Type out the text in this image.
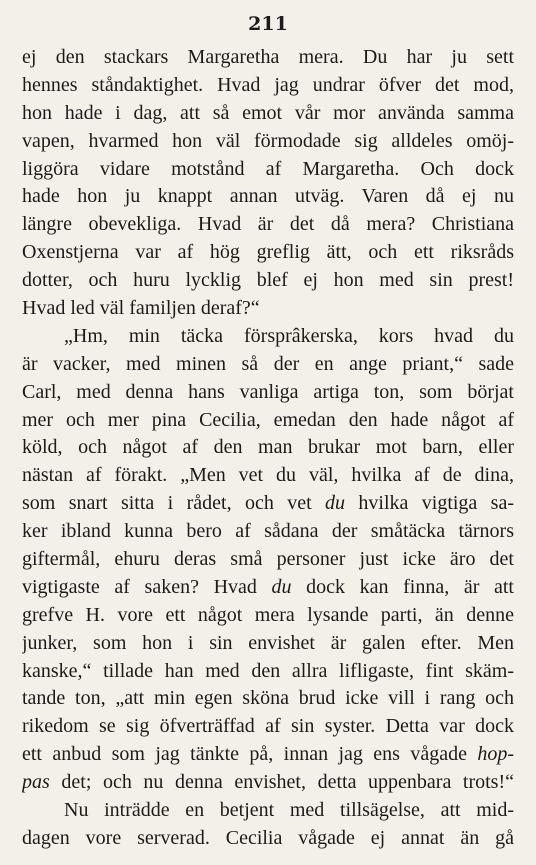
211
ej den stackars Margaretha mera. Du har ju sett
hennes ståndaktighet. Hvad jag undrar öfver det mod,
hon hade i dag, att så emot vår mor använda samma
vapen, hvarmed hon väl förmodade sig alldeles omöj-
liggöra vidare motstånd af Margaretha. Och dock
hade hon ju knappt annan utväg. Varen då ej nu
längre obevekliga. Hvad är det då mera? Christiana
Oxenstjerna var af hög greflig ätt, och ett riksråds
dotter, och huru lycklig blef ej hon med sin prest!
Hvad led väl familjen deraf?“
„Hm, min täcka försprâkerska, kors hvad du
är vacker, med minen så der en ange priant,“ sade
Carl, med denna hans vanliga artiga ton, som börjat
mer och mer pina Cecilia, emedan den hade något af
köld, och något af den man brukar mot barn, eller
nästan af förakt. „Men vet du väl, hvilka af de dina,
som snart sitta i rådet, och vet du hvilka vigtiga sa-
ker ibland kunna bero af sådana der småtäcka tärnors
giftermål, ehuru deras små personer just icke äro det
vigtigaste af saken? Hvad du dock kan finna, är att
grefve H. vore ett något mera lysande parti, än denne
junker, som hon i sin envishet är galen efter. Men
kanske,“ tillade han med den allra lifligaste, fint skäm-
tande ton, „att min egen sköna brud icke vill i rang och
rikedom se sig öfverträffad af sin syster. Detta var dock
ett anbud som jag tänkte på, innan jag ens vågade hop-
pas det; och nu denna envishet, detta uppenbara trots!“
Nu inträdde en betjent med tillsägelse, att mid-
dagen vore serverad. Cecilia vågade ej annat än gå
